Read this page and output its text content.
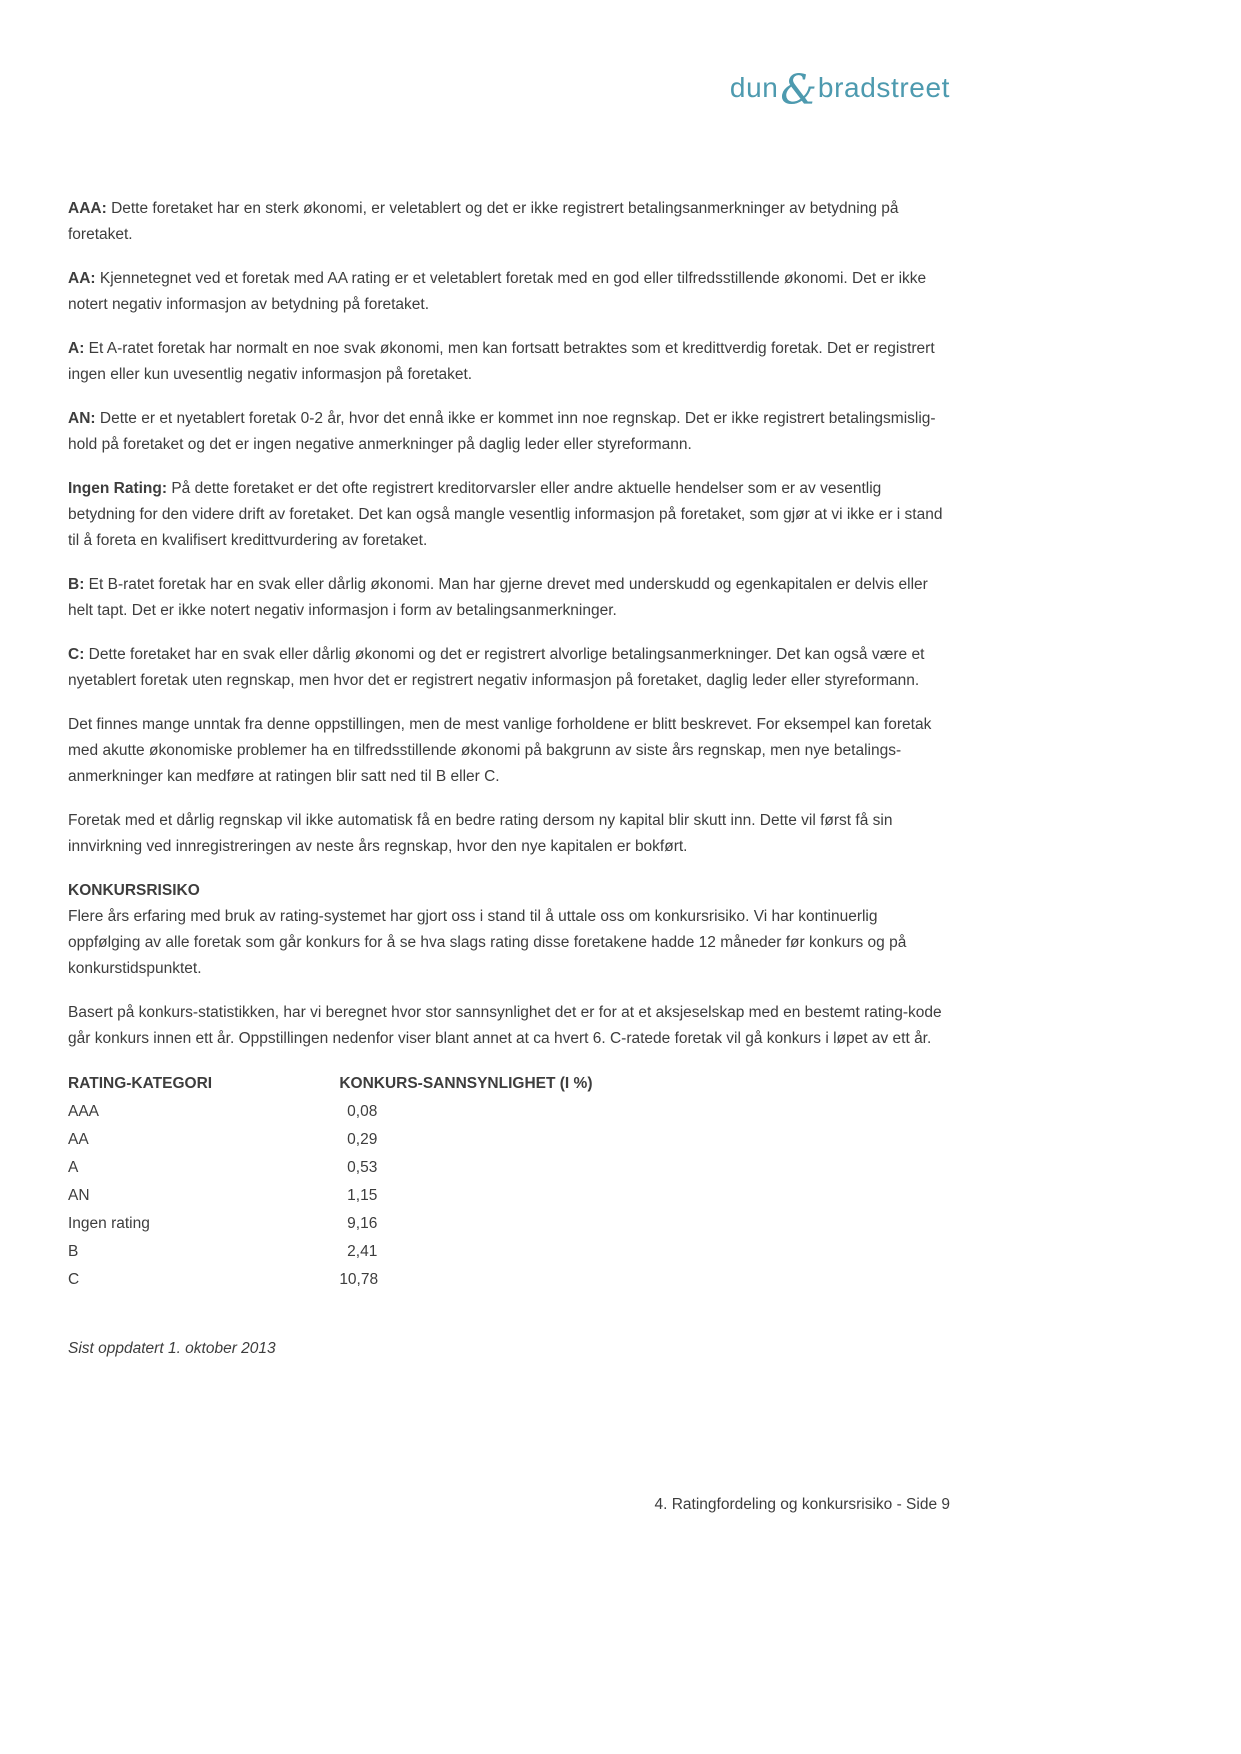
dun&bradstreet

AAA: Dette foretaket har en sterk økonomi, er veletablert og det er ikke registrert betalingsanmerkninger av betydning på foretaket.

AA: Kjennetegnet ved et foretak med AA rating er et veletablert foretak med en god eller tilfredsstillende økonomi. Det er ikke notert negativ informasjon av betydning på foretaket.

A: Et A-ratet foretak har normalt en noe svak økonomi, men kan fortsatt betraktes som et kredittverdig foretak. Det er registrert ingen eller kun uvesentlig negativ informasjon på foretaket.

AN: Dette er et nyetablert foretak 0-2 år, hvor det ennå ikke er kommet inn noe regnskap. Det er ikke registrert betalingsmislig- hold på foretaket og det er ingen negative anmerkninger på daglig leder eller styreformann.

Ingen Rating: På dette foretaket er det ofte registrert kreditorvarsler eller andre aktuelle hendelser som er av vesentlig betydning for den videre drift av foretaket. Det kan også mangle vesentlig informasjon på foretaket, som gjør at vi ikke er i stand til å foreta en kvalifisert kredittvurdering av foretaket.

B: Et B-ratet foretak har en svak eller dårlig økonomi. Man har gjerne drevet med underskudd og egenkapitalen er delvis eller helt tapt. Det er ikke notert negativ informasjon i form av betalingsanmerkninger.

C: Dette foretaket har en svak eller dårlig økonomi og det er registrert alvorlige betalingsanmerkninger. Det kan også være et nyetablert foretak uten regnskap, men hvor det er registrert negativ informasjon på foretaket, daglig leder eller styreformann.

Det finnes mange unntak fra denne oppstillingen, men de mest vanlige forholdene er blitt beskrevet. For eksempel kan foretak med akutte økonomiske problemer ha en tilfredsstillende økonomi på bakgrunn av siste års regnskap, men nye betalings- anmerkninger kan medføre at ratingen blir satt ned til B eller C.

Foretak med et dårlig regnskap vil ikke automatisk få en bedre rating dersom ny kapital blir skutt inn. Dette vil først få sin innvirkning ved innregistreringen av neste års regnskap, hvor den nye kapitalen er bokført.

KONKURSRISIKO

Flere års erfaring med bruk av rating-systemet har gjort oss i stand til å uttale oss om konkursrisiko. Vi har kontinuerlig oppfølging av alle foretak som går konkurs for å se hva slags rating disse foretakene hadde 12 måneder før konkurs og på konkurstidspunktet.

Basert på konkurs-statistikken, har vi beregnet hvor stor sannsynlighet det er for at et aksjeselskap med en bestemt rating-kode går konkurs innen ett år. Oppstillingen nedenfor viser blant annet at ca hvert 6. C-ratede foretak vil gå konkurs i løpet av ett år.

RATING-KATEGORI	KONKURS-SANNSYNLIGHET (I %)
AAA	0,08
AA	0,29
A	0,53
AN	1,15
Ingen rating	9,16
B	2,41
C	10,78

Sist oppdatert 1. oktober 2013

4. Ratingfordeling og konkursrisiko - Side 9
